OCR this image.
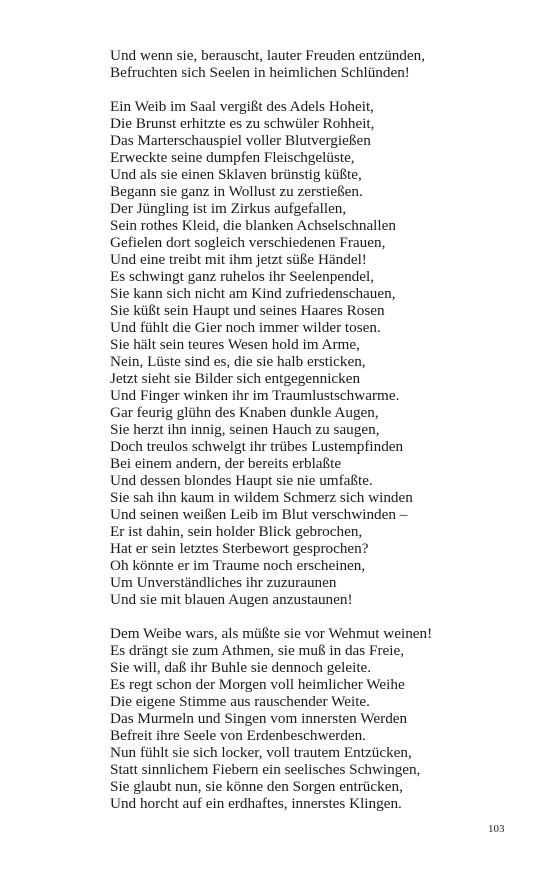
Und wenn sie, berauscht, lauter Freuden entzünden,
Befruchten sich Seelen in heimlichen Schlünden!
Ein Weib im Saal vergißt des Adels Hoheit,
Die Brunst erhitzte es zu schwüler Rohheit,
Das Marterschauspiel voller Blutvergießen
Erweckte seine dumpfen Fleischgelüste,
Und als sie einen Sklaven brünstig küßte,
Begann sie ganz in Wollust zu zerstießen.
Der Jüngling ist im Zirkus aufgefallen,
Sein rothes Kleid, die blanken Achselschnallen
Gefielen dort sogleich verschiedenen Frauen,
Und eine treibt mit ihm jetzt süße Händel!
Es schwingt ganz ruhelos ihr Seelenpendel,
Sie kann sich nicht am Kind zufriedenschauen,
Sie küßt sein Haupt und seines Haares Rosen
Und fühlt die Gier noch immer wilder tosen.
Sie hält sein teures Wesen hold im Arme,
Nein, Lüste sind es, die sie halb ersticken,
Jetzt sieht sie Bilder sich entgegennicken
Und Finger winken ihr im Traumlustschwarme.
Gar feurig glühn des Knaben dunkle Augen,
Sie herzt ihn innig, seinen Hauch zu saugen,
Doch treulos schwelgt ihr trübes Lustempfinden
Bei einem andern, der bereits erblaßte
Und dessen blondes Haupt sie nie umfaßte.
Sie sah ihn kaum in wildem Schmerz sich winden
Und seinen weißen Leib im Blut verschwinden –
Er ist dahin, sein holder Blick gebrochen,
Hat er sein letztes Sterbewort gesprochen?
Oh könnte er im Traume noch erscheinen,
Um Unverständliches ihr zuzuraunen
Und sie mit blauen Augen anzustaunen!
Dem Weibe wars, als müßte sie vor Wehmut weinen!
Es drängt sie zum Athmen, sie muß in das Freie,
Sie will, daß ihr Buhle sie dennoch geleite.
Es regt schon der Morgen voll heimlicher Weihe
Die eigene Stimme aus rauschender Weite.
Das Murmeln und Singen vom innersten Werden
Befreit ihre Seele von Erdenbeschwerden.
Nun fühlt sie sich locker, voll trautem Entzücken,
Statt sinnlichem Fiebern ein seelisches Schwingen,
Sie glaubt nun, sie könne den Sorgen entrücken,
Und horcht auf ein erdhaftes, innerstes Klingen.
103
